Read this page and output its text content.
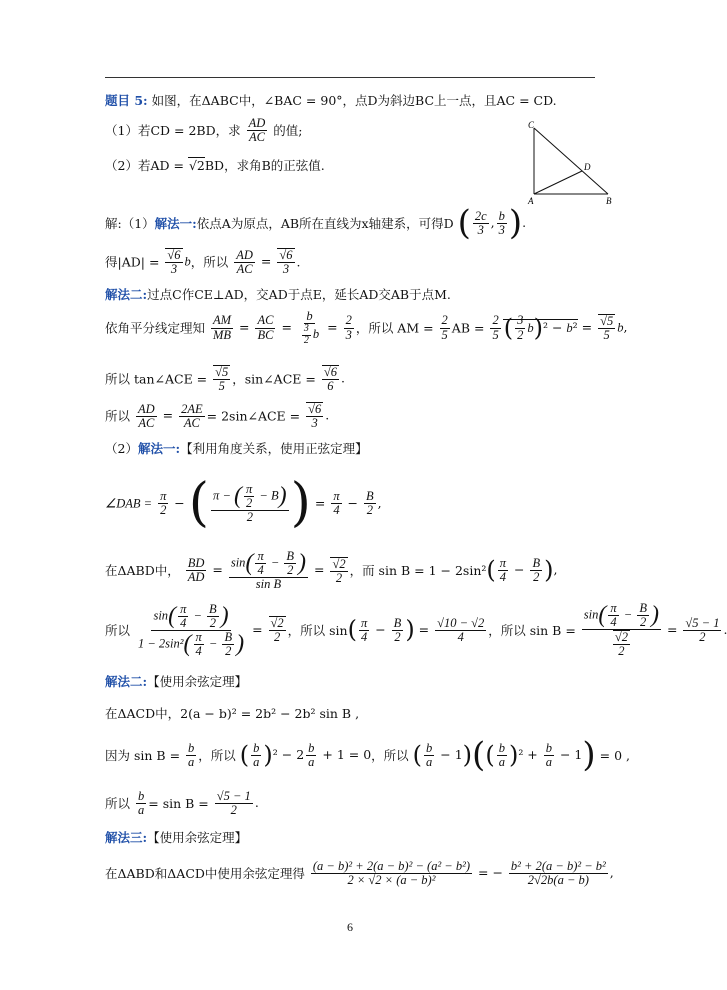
题目 5: 如图，在ΔABC中，∠BAC = 90°，点D为斜边BC上一点，且AC = CD.
（1）若CD = 2BD，求 $\frac{AD}{AC}$ 的值;
（2）若AD = √2BD，求角B的正弦值.
C
D
A	B
解:（1）解法一:依点A为原点，AB所在直线为x轴建系，可得D ( $\frac{2c}{3}$ , $\frac{b}{3}$ ).
得$|AD| = \frac{√6}{3}$ b，所以 $\frac{AD}{AC} = \frac{√6}{3}$ .
解法二:过点C作CE⊥AD，交AD于点E，延长AD交AB于点M.
依角平分线定理知 $\frac{AM}{MB} = \frac{AC}{BC} = \frac{b}{\frac{3}{2} b} = \frac{2}{3}$ ，所以 AM = $\frac{2}{5}$ AB = $\frac{2}{5}$ ( $\frac{3}{2} b)^2 - b^2 = \frac{√5}{5} b$,
所以 tan∠ACE = $\frac{√5}{5}$ ，sin∠ACE = $\frac{√6}{6}$ .
所以 $\frac{AD}{AC} = \frac{2AE}{AC}$ = 2sin∠ACE = $\frac{√6}{3}$ .
（2）解法一:【利用角度关系，使用正弦定理】
∠DAB = $\frac{\pi}{2}$ − ( $\frac{\pi - ( \frac{\pi}{2} - B)}{2}$ ) = $\frac{\pi}{4} - \frac{B}{2}$ ,
在ΔABD中， $\frac{BD}{AD} = \frac{\sin( \frac{\pi}{4} - \frac{B}{2} )}{\text{sin B}} = \frac{√2}{2}$ ，而 $\sin B = 1 - 2\sin^2( \frac{\pi}{4} - \frac{B}{2}$ ),
所以 $\frac{\sin( \frac{\pi}{4} - \frac{B}{2} )}{1 - 2\sin^2( \frac{\pi}{4} - \frac{B}{2} )} = \frac{√2}{2}$ ，所以 $\sin( \frac{\pi}{4} - \frac{B}{2}$ ) = $\frac{√10 - √2}{4}$ ，所以 $\sin B = \frac{\sin( \frac{\pi}{4} - \frac{B}{2} )}{\frac{√2}{2}} = \frac{√5 - 1}{2}$
解法二:【使用余弦定理】
在ΔACD中，2(a − b)² = 2b² − 2b² sin B ,
因为 $\sin B = \frac{b}{a}$ ，所以 ( $\frac{b}{a} )^2 - 2 \frac{b}{a} + 1 = 0$，所以 ( $\frac{b}{a} - 1)(( \frac{b}{a} )^2 + \frac{b}{a} - 1) = 0$ ,
所以 $\frac{b}{a} = \sin B = \frac{√5 - 1}{2}$ .
解法三:【使用余弦定理】
在ΔABD和ΔACD中使用余弦定理得 $\frac{\text{(a − b)² + 2(a − b)² − (a² − b²)}}{\text{2 × √2 × (a − b)²}}$ = − $\frac{\text{b² + 2(a − b)² − b²}}{2√2b(a - b)}$ ,
6
